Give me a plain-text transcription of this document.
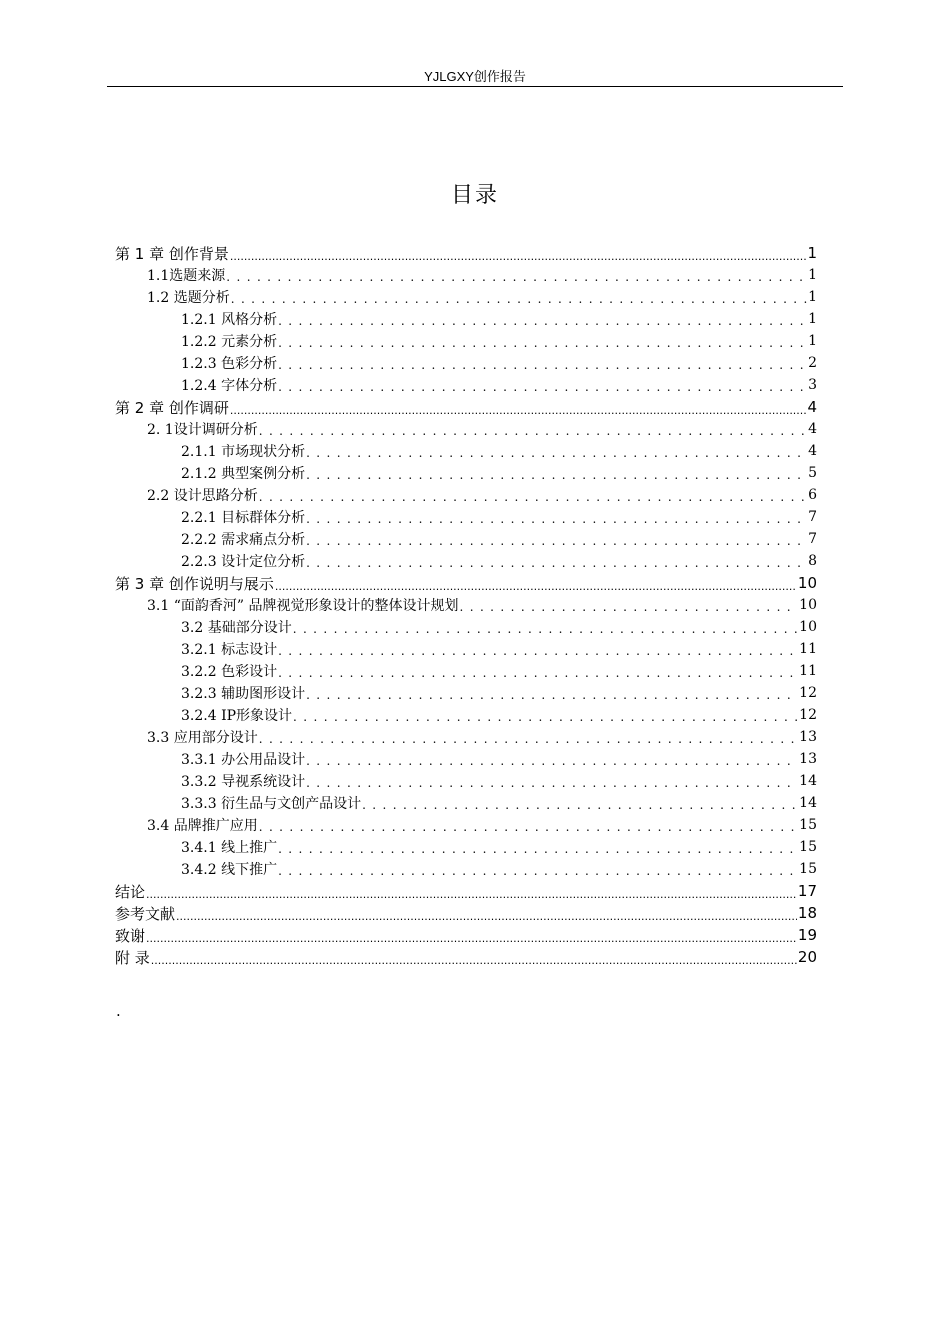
YJLGXY创作报告
目录
第 1 章 创作背景 .....	1
1.1选题来源 . . .	1
1.2 选题分析 . . .	1
1.2.1 风格分析 . . .	1
1.2.2 元素分析 . . .	1
1.2.3 色彩分析 . . .	2
1.2.4 字体分析 . . .	3
第 2 章 创作调研 .....	4
2. 1设计调研分析 . . .	4
2.1.1 市场现状分析 . . .	4
2.1.2 典型案例分析 . . .	5
2.2 设计思路分析 . . .	6
2.2.1 目标群体分析 . . .	7
2.2.2 需求痛点分析 . . .	7
2.2.3 设计定位分析 . . .	8
第 3 章 创作说明与展示 .....	10
3.1 “面韵香河” 品牌视觉形象设计的整体设计规划 . . .	10
3.2 基础部分设计 . . .	10
3.2.1 标志设计 . . .	11
3.2.2 色彩设计 . . .	11
3.2.3 辅助图形设计 . . .	12
3.2.4 IP形象设计 . . .	12
3.3 应用部分设计 . . .	13
3.3.1 办公用品设计 . . .	13
3.3.2 导视系统设计 . . .	14
3.3.3 衍生品与文创产品设计 . . .	14
3.4 品牌推广应用 . . .	15
3.4.1 线上推广 . . .	15
3.4.2 线下推广 . . .	15
结论 .....	17
参考文献 .....	18
致谢 .....	19
附 录 .....	20
.
